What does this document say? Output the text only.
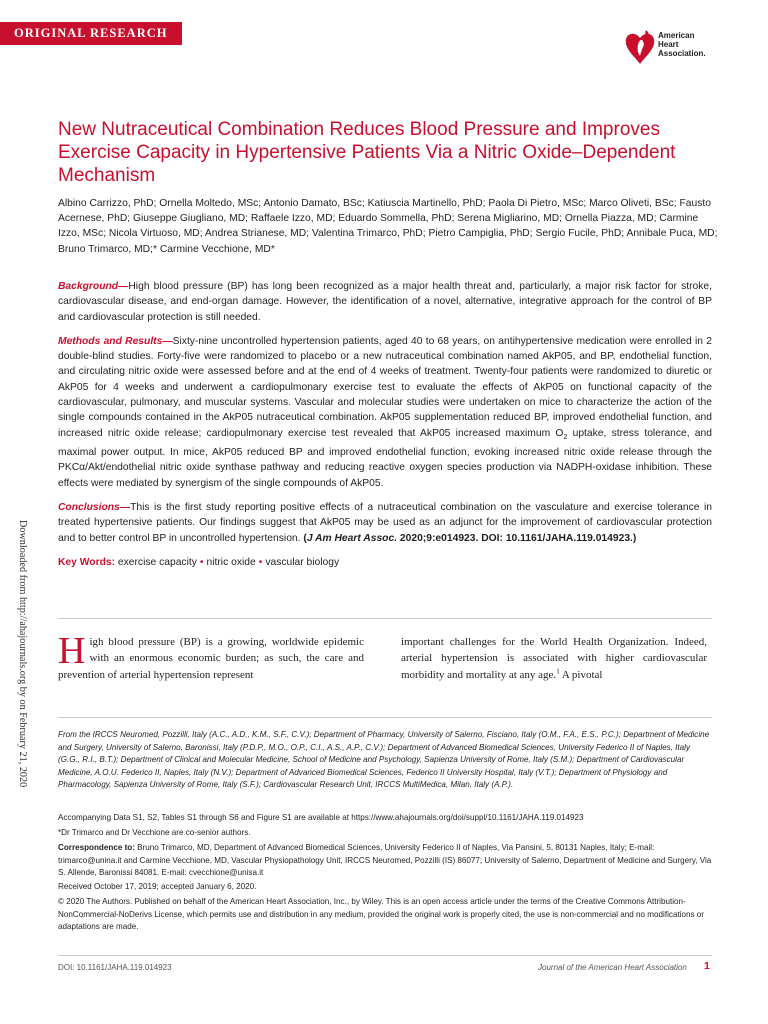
ORIGINAL RESEARCH	American
Heart
Association.
New Nutraceutical Combination Reduces Blood Pressure and Improves Exercise Capacity in Hypertensive Patients Via a Nitric Oxide–Dependent Mechanism
Albino Carrizzo, PhD; Ornella Moltedo, MSc; Antonio Damato, BSc; Katiuscia Martinello, PhD; Paola Di Pietro, MSc; Marco Oliveti, BSc; Fausto Acernese, PhD; Giuseppe Giugliano, MD; Raffaele Izzo, MD; Eduardo Sommella, PhD; Serena Migliarino, MD; Ornella Piazza, MD; Carmine Izzo, MSc; Nicola Virtuoso, MD; Andrea Strianese, MD; Valentina Trimarco, PhD; Pietro Campiglia, PhD; Sergio Fucile, PhD; Annibale Puca, MD; Bruno Trimarco, MD;* Carmine Vecchione, MD*

Background—High blood pressure (BP) has long been recognized as a major health threat and, particularly, a major risk factor for stroke, cardiovascular disease, and end-organ damage. However, the identification of a novel, alternative, integrative approach for the control of BP and cardiovascular protection is still needed.

Methods and Results—Sixty-nine uncontrolled hypertension patients, aged 40 to 68 years, on antihypertensive medication were enrolled in 2 double-blind studies. Forty-five were randomized to placebo or a new nutraceutical combination named AkP05, and BP, endothelial function, and circulating nitric oxide were assessed before and at the end of 4 weeks of treatment. Twenty-four patients were randomized to diuretic or AkP05 for 4 weeks and underwent a cardiopulmonary exercise test to evaluate the effects of AkP05 on functional capacity of the cardiovascular, pulmonary, and muscular systems. Vascular and molecular studies were undertaken on mice to characterize the action of the single compounds contained in the AkP05 nutraceutical combination. AkP05 supplementation reduced BP, improved endothelial function, and increased nitric oxide release; cardiopulmonary exercise test revealed that AkP05 increased maximum $O_2$ uptake, stress tolerance, and maximal power output. In mice, AkP05 reduced BP and improved endothelial function, evoking increased nitric oxide release through the PKCα/Akt/endothelial nitric oxide synthase pathway and reducing reactive oxygen species production via NADPH-oxidase inhibition. These effects were mediated by synergism of the single compounds of AkP05.

Conclusions—This is the first study reporting positive effects of a nutraceutical combination on the vasculature and exercise tolerance in treated hypertensive patients. Our findings suggest that AkP05 may be used as an adjunct for the improvement of cardiovascular protection and to better control BP in uncontrolled hypertension. (J Am Heart Assoc. 2020;9:e014923. DOI: 10.1161/JAHA.119.014923.)

Key Words: exercise capacity • nitric oxide • vascular biology
High blood pressure (BP) is a growing, worldwide epidemic with an enormous economic burden; as such, the care and prevention of arterial hypertension represent
important challenges for the World Health Organization. Indeed, arterial hypertension is associated with higher cardiovascular morbidity and mortality at any age.$^1$ A pivotal
From the IRCCS Neuromed, Pozzilli, Italy (A.C., A.D., K.M., S.F., C.V.); Department of Pharmacy, University of Salerno, Fisciano, Italy (O.M., F.A., E.S., P.C.); Department of Medicine and Surgery, University of Salerno, Baronissi, Italy (P.D.P., M.O., O.P., C.I., A.S., A.P., C.V.); Department of Advanced Biomedical Sciences, University Federico II of Naples, Italy (G.G., R.I., B.T.); Department of Clinical and Molecular Medicine, School of Medicine and Psychology, Sapienza University of Rome, Italy (S.M.); Department of Cardiovascular Medicine, A.O.U. Federico II, Naples, Italy (N.V.); Department of Advanced Biomedical Sciences, Federico II University Hospital, Italy (V.T.); Department of Physiology and Pharmacology, Sapienza University of Rome, Italy (S.F.); Cardiovascular Research Unit, IRCCS MultiMedica, Milan, Italy (A.P.).
Accompanying Data S1, S2, Tables S1 through S6 and Figure S1 are available at https://www.ahajournals.org/doi/suppl/10.1161/JAHA.119.014923
*Dr Trimarco and Dr Vecchione are co-senior authors.
Correspondence to: Bruno Trimarco, MD, Department of Advanced Biomedical Sciences, University Federico II of Naples, Via Pansini, 5, 80131 Naples, Italy; E-mail: trimarco@unina.it and Carmine Vecchione, MD, Vascular Physiopathology Unit, IRCCS Neuromed, Pozzilli (IS) 86077; University of Salerno, Department of Medicine and Surgery, Via S. Allende, Baronissi 84081. E-mail: cvecchione@unisa.it
Received October 17, 2019; accepted January 6, 2020.
© 2020 The Authors. Published on behalf of the American Heart Association, Inc., by Wiley. This is an open access article under the terms of the Creative Commons Attribution-NonCommercial-NoDerivs License, which permits use and distribution in any medium, provided the original work is properly cited, the use is non-commercial and no modifications or adaptations are made.
Downloaded from http://ahajournals.org by on February 21, 2020
DOI: 10.1161/JAHA.119.014923	Journal of the American Heart Association 1
